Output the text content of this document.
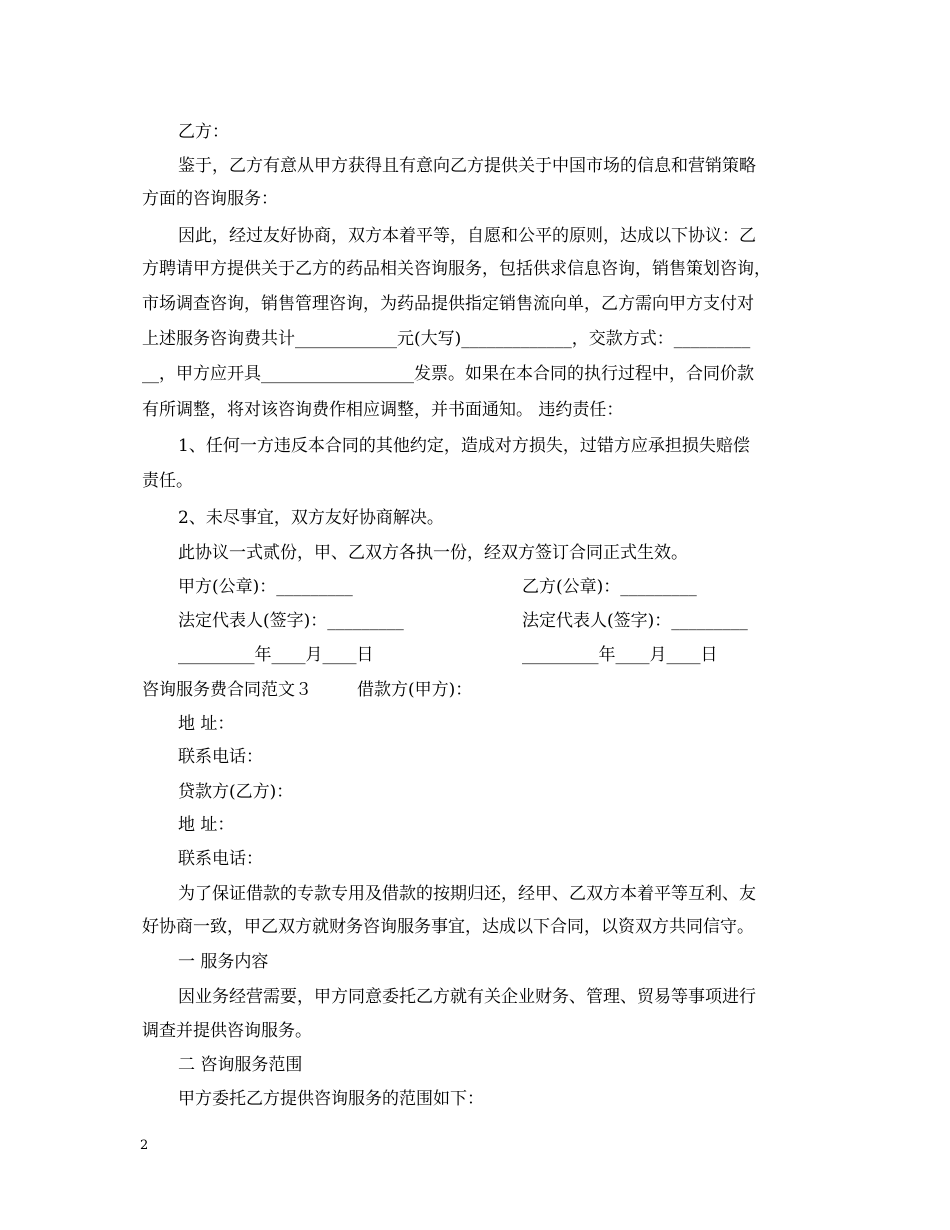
乙方：
鉴于，乙方有意从甲方获得且有意向乙方提供关于中国市场的信息和营销策略
方面的咨询服务：
因此，经过友好协商，双方本着平等，自愿和公平的原则，达成以下协议：乙
方聘请甲方提供关于乙方的药品相关咨询服务，包括供求信息咨询，销售策划咨询，
市场调查咨询，销售管理咨询，为药品提供指定销售流向单，乙方需向甲方支付对
上述服务咨询费共计____________元(大写)_____________，交款方式：_________
__，甲方应开具__________________发票。如果在本合同的执行过程中，合同价款
有所调整，将对该咨询费作相应调整，并书面通知。 违约责任：
1、任何一方违反本合同的其他约定，造成对方损失，过错方应承担损失赔偿
责任。
2、未尽事宜，双方友好协商解决。
此协议一式贰份，甲、乙双方各执一份，经双方签订合同正式生效。
甲方(公章)：_________	乙方(公章)：_________
法定代表人(签字)：_________	法定代表人(签字)：_________
_________年____月____日	_________年____月____日
咨询服务费合同范文３	借款方(甲方)：
地 址：
联系电话：
贷款方(乙方)：
地 址：
联系电话：
为了保证借款的专款专用及借款的按期归还，经甲、乙双方本着平等互利、友
好协商一致，甲乙双方就财务咨询服务事宜，达成以下合同，以资双方共同信守。
一 服务内容
因业务经营需要，甲方同意委托乙方就有关企业财务、管理、贸易等事项进行
调查并提供咨询服务。
二 咨询服务范围
甲方委托乙方提供咨询服务的范围如下：
2
